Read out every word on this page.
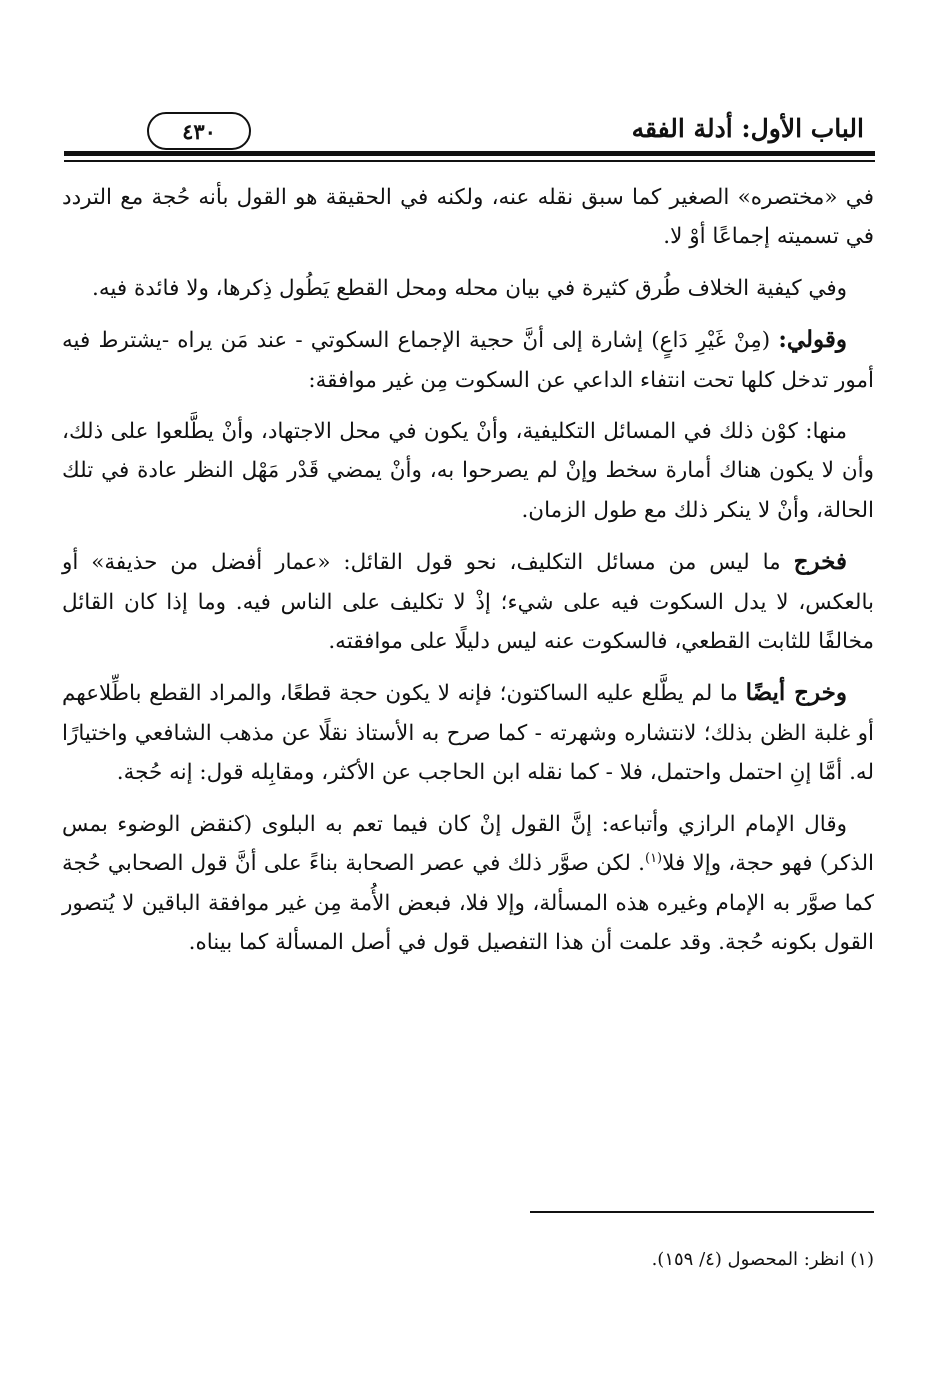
الباب الأول: أدلة الفقه
٤٣٠

في «مختصره» الصغير كما سبق نقله عنه، ولكنه في الحقيقة هو القول بأنه حُجة مع التردد في تسميته إجماعًا أوْ لا.

وفي كيفية الخلاف طُرق كثيرة في بيان محله ومحل القطع يَطُول ذِكرها، ولا فائدة فيه.

وقولي: (مِنْ غَيْرِ دَاعٍ) إشارة إلى أنَّ حجية الإجماع السكوتي - عند مَن يراه -يشترط فيه أمور تدخل كلها تحت انتفاء الداعي عن السكوت مِن غير موافقة:

منها: كوْن ذلك في المسائل التكليفية، وأنْ يكون في محل الاجتهاد، وأنْ يطَّلعوا على ذلك، وأن لا يكون هناك أمارة سخط وإنْ لم يصرحوا به، وأنْ يمضي قَدْر مَهْل النظر عادة في تلك الحالة، وأنْ لا ينكر ذلك مع طول الزمان.

فخرج ما ليس من مسائل التكليف، نحو قول القائل: «عمار أفضل من حذيفة» أو بالعكس، لا يدل السكوت فيه على شيء؛ إذْ لا تكليف على الناس فيه. وما إذا كان القائل مخالفًا للثابت القطعي، فالسكوت عنه ليس دليلًا على موافقته.

وخرج أيضًا ما لم يطَّلع عليه الساكتون؛ فإنه لا يكون حجة قطعًا، والمراد القطع باطِّلاعهم أو غلبة الظن بذلك؛ لانتشاره وشهرته - كما صرح به الأستاذ نقلًا عن مذهب الشافعي واختيارًا له. أمَّا إنِ احتمل واحتمل، فلا - كما نقله ابن الحاجب عن الأكثر، ومقابِله قول: إنه حُجة.

وقال الإمام الرازي وأتباعه: إنَّ القول إنْ كان فيما تعم به البلوى (كنقض الوضوء بمس الذكر) فهو حجة، وإلا فلا$^{(١)}$. لكن صوَّر ذلك في عصر الصحابة بناءً على أنَّ قول الصحابي حُجة كما صوَّر به الإمام وغيره هذه المسألة، وإلا فلا، فبعض الأُمة مِن غير موافقة الباقين لا يُتصور القول بكونه حُجة. وقد علمت أن هذا التفصيل قول في أصل المسألة كما بيناه.

(١) انظر: المحصول (٤/ ١٥٩).
